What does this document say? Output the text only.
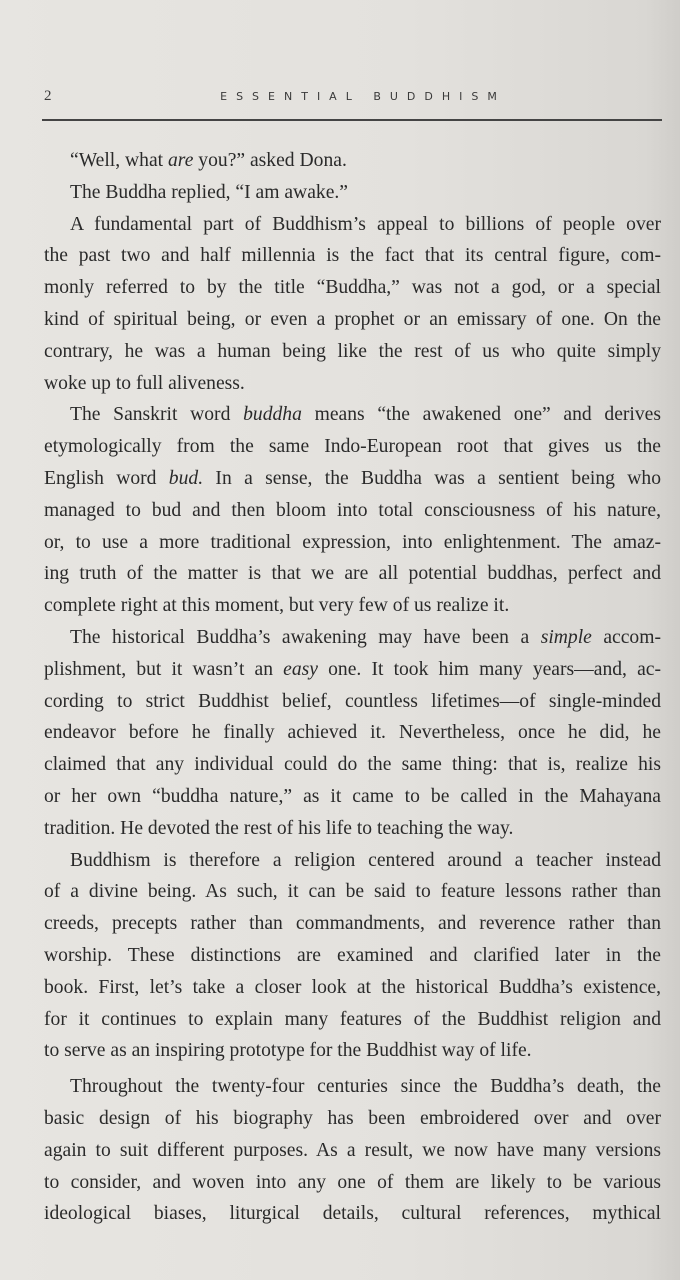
2	ESSENTIAL BUDDHISM
“Well, what are you?” asked Dona.
The Buddha replied, “I am awake.”
A fundamental part of Buddhism’s appeal to billions of people over
the past two and half millennia is the fact that its central figure, com-
monly referred to by the title “Buddha,” was not a god, or a special
kind of spiritual being, or even a prophet or an emissary of one. On the
contrary, he was a human being like the rest of us who quite simply
woke up to full aliveness.
The Sanskrit word buddha means “the awakened one” and derives
etymologically from the same Indo-European root that gives us the
English word bud. In a sense, the Buddha was a sentient being who
managed to bud and then bloom into total consciousness of his nature,
or, to use a more traditional expression, into enlightenment. The amaz-
ing truth of the matter is that we are all potential buddhas, perfect and
complete right at this moment, but very few of us realize it.
The historical Buddha’s awakening may have been a simple accom-
plishment, but it wasn’t an easy one. It took him many years—and, ac-
cording to strict Buddhist belief, countless lifetimes—of single-minded
endeavor before he finally achieved it. Nevertheless, once he did, he
claimed that any individual could do the same thing: that is, realize his
or her own “buddha nature,” as it came to be called in the Mahayana
tradition. He devoted the rest of his life to teaching the way.
Buddhism is therefore a religion centered around a teacher instead
of a divine being. As such, it can be said to feature lessons rather than
creeds, precepts rather than commandments, and reverence rather than
worship. These distinctions are examined and clarified later in the
book. First, let’s take a closer look at the historical Buddha’s existence,
for it continues to explain many features of the Buddhist religion and
to serve as an inspiring prototype for the Buddhist way of life.
Throughout the twenty-four centuries since the Buddha’s death, the
basic design of his biography has been embroidered over and over
again to suit different purposes. As a result, we now have many versions
to consider, and woven into any one of them are likely to be various
ideological biases, liturgical details, cultural references, mythical
